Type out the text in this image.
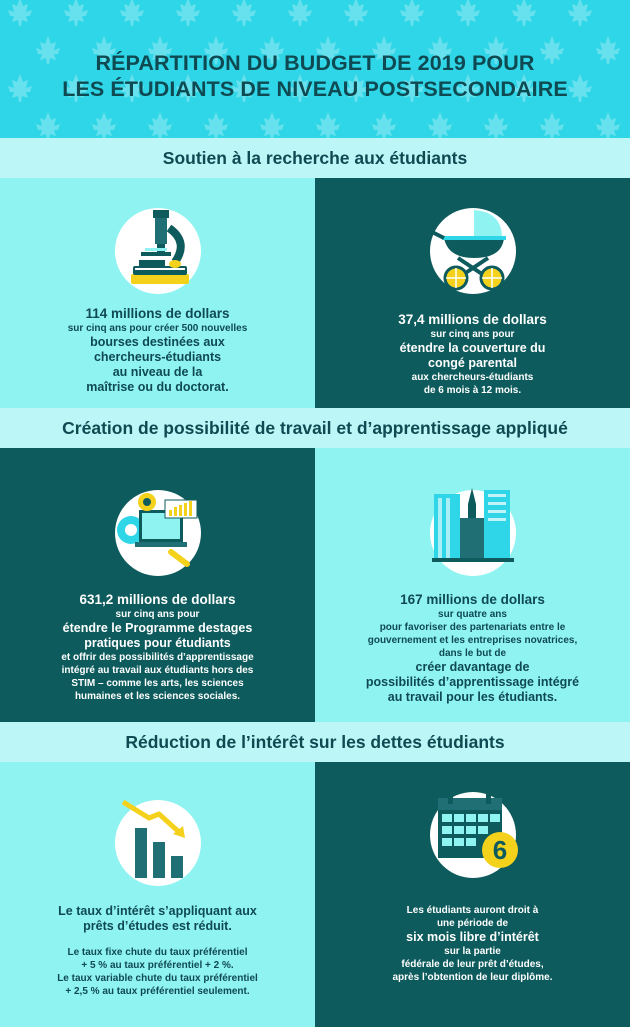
RÉPARTITION DU BUDGET DE 2019 POUR
LES ÉTUDIANTS DE NIVEAU POSTSECONDAIRE
Soutien à la recherche aux étudiants
114 millions de dollars
sur cinq ans pour créer 500 nouvelles
bourses destinées aux
chercheurs-étudiants
au niveau de la
maîtrise ou du doctorat.
37,4 millions de dollars
sur cinq ans pour
étendre la couverture du
congé parental
aux chercheurs-étudiants
de 6 mois à 12 mois.
Création de possibilité de travail et d’apprentissage appliqué
631,2 millions de dollars
sur cinq ans pour
étendre le Programme destages
pratiques pour étudiants
et offrir des possibilités d’apprentissage
intégré au travail aux étudiants hors des
STIM – comme les arts, les sciences
humaines et les sciences sociales.
167 millions de dollars
sur quatre ans
pour favoriser des partenariats entre le
gouvernement et les entreprises novatrices,
dans le but de
créer davantage de
possibilités d’apprentissage intégré
au travail pour les étudiants.
Réduction de l’intérêt sur les dettes étudiants
Le taux d’intérêt s’appliquant aux
prêts d’études est réduit.
Le taux fixe chute du taux préférentiel
+ 5 % au taux préférentiel + 2 %.
Le taux variable chute du taux préférentiel
+ 2,5 % au taux préférentiel seulement.
6
Les étudiants auront droit à
une période de
six mois libre d’intérêt
sur la partie
fédérale de leur prêt d’études,
après l’obtention de leur diplôme.
